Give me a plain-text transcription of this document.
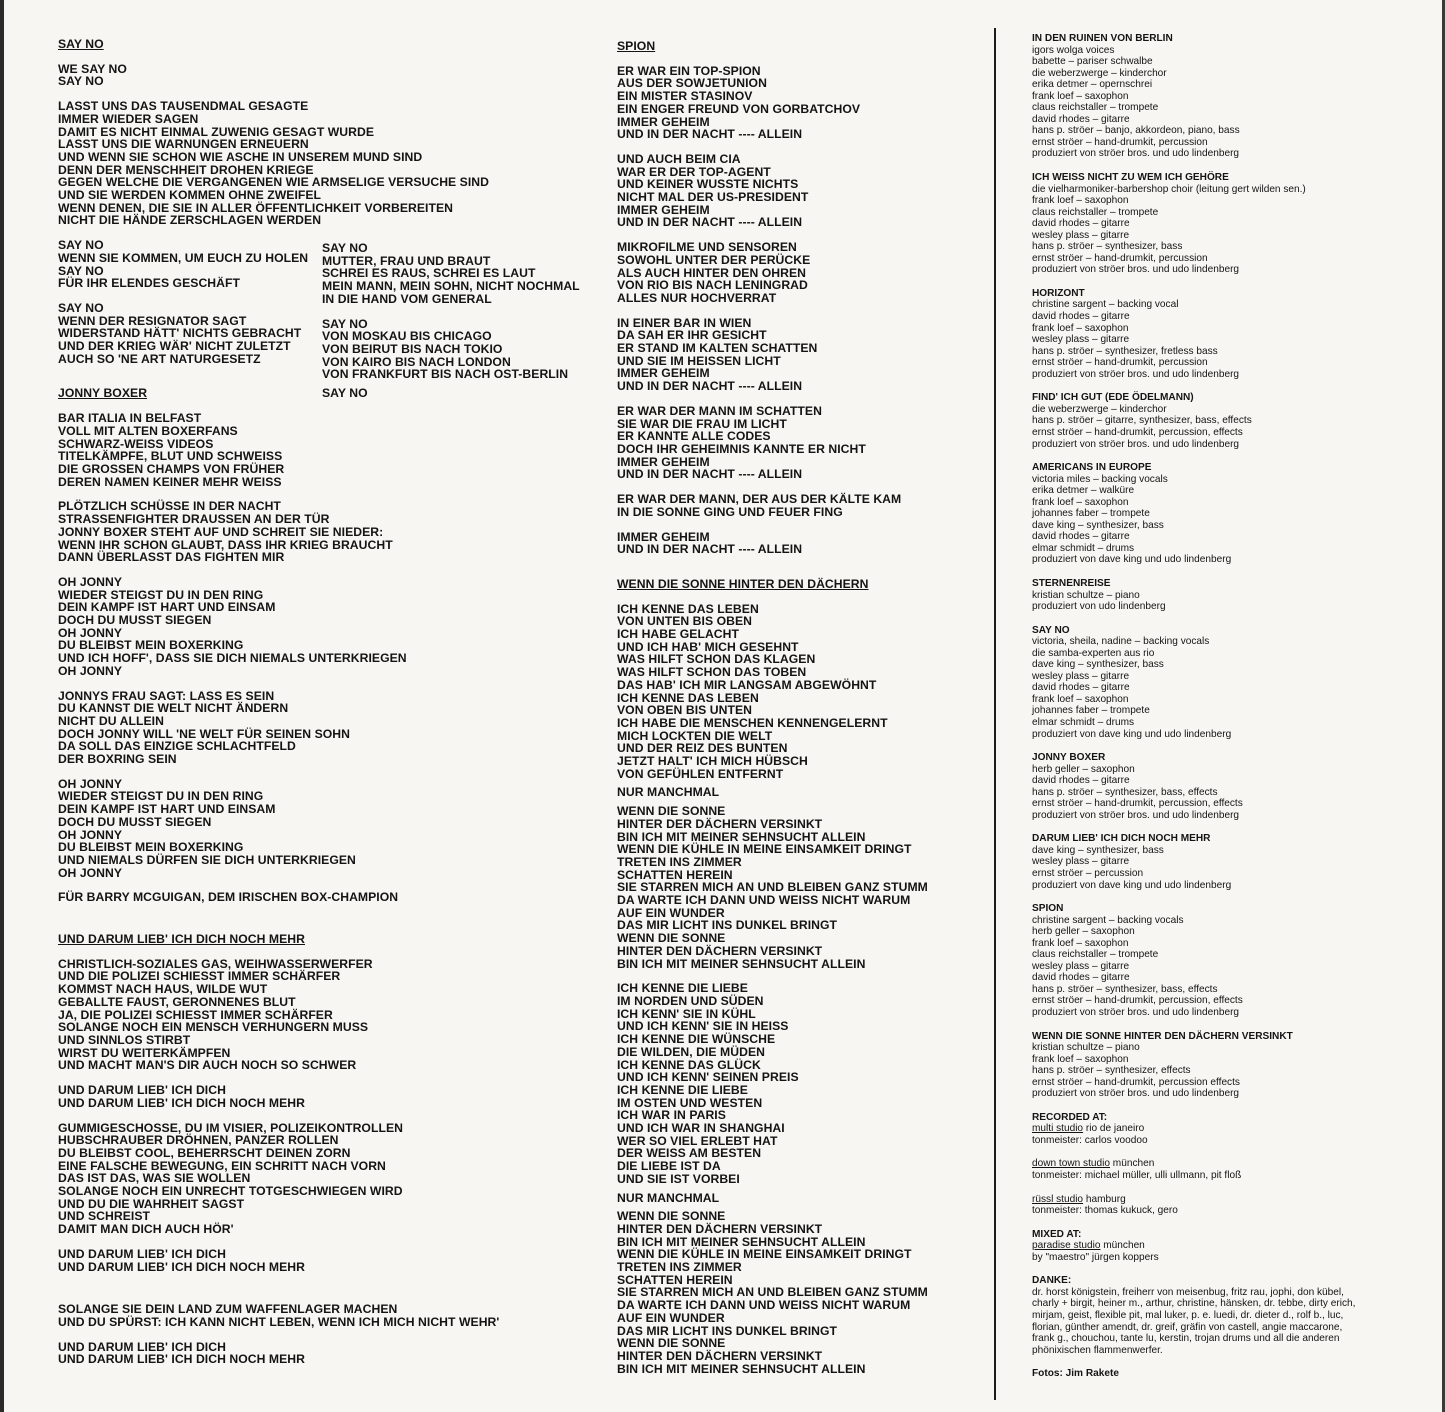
SAY NO
WE SAY NO
SAY NO
LASST UNS DAS TAUSENDMAL GESAGTE
IMMER WIEDER SAGEN
DAMIT ES NICHT EINMAL ZUWENIG GESAGT WURDE
LASST UNS DIE WARNUNGEN ERNEUERN
UND WENN SIE SCHON WIE ASCHE IN UNSEREM MUND SIND
DENN DER MENSCHHEIT DROHEN KRIEGE
GEGEN WELCHE DIE VERGANGENEN WIE ARMSELIGE VERSUCHE SIND
UND SIE WERDEN KOMMEN OHNE ZWEIFEL
WENN DENEN, DIE SIE IN ALLER ÖFFENTLICHKEIT VORBEREITEN
NICHT DIE HÄNDE ZERSCHLAGEN WERDEN
SAY NO
WENN SIE KOMMEN, UM EUCH ZU HOLEN
SAY NO
FÜR IHR ELENDES GESCHÄFT
SAY NO
WENN DER RESIGNATOR SAGT
WIDERSTAND HÄTT' NICHTS GEBRACHT
UND DER KRIEG WÄR' NICHT ZULETZT
AUCH SO 'NE ART NATURGESETZ
JONNY BOXER
BAR ITALIA IN BELFAST
VOLL MIT ALTEN BOXERFANS
SCHWARZ-WEISS VIDEOS
TITELKÄMPFE, BLUT UND SCHWEISS
DIE GROSSEN CHAMPS VON FRÜHER
DEREN NAMEN KEINER MEHR WEISS
PLÖTZLICH SCHÜSSE IN DER NACHT
STRASSENFIGHTER DRAUSSEN AN DER TÜR
JONNY BOXER STEHT AUF UND SCHREIT SIE NIEDER:
WENN IHR SCHON GLAUBT, DASS IHR KRIEG BRAUCHT
DANN ÜBERLASST DAS FIGHTEN MIR
OH JONNY
WIEDER STEIGST DU IN DEN RING
DEIN KAMPF IST HART UND EINSAM
DOCH DU MUSST SIEGEN
OH JONNY
DU BLEIBST MEIN BOXERKING
UND ICH HOFF', DASS SIE DICH NIEMALS UNTERKRIEGEN
OH JONNY
JONNYS FRAU SAGT: LASS ES SEIN
DU KANNST DIE WELT NICHT ÄNDERN
NICHT DU ALLEIN
DOCH JONNY WILL 'NE WELT FÜR SEINEN SOHN
DA SOLL DAS EINZIGE SCHLACHTFELD
DER BOXRING SEIN
OH JONNY
WIEDER STEIGST DU IN DEN RING
DEIN KAMPF IST HART UND EINSAM
DOCH DU MUSST SIEGEN
OH JONNY
DU BLEIBST MEIN BOXERKING
UND NIEMALS DÜRFEN SIE DICH UNTERKRIEGEN
OH JONNY
FÜR BARRY MCGUIGAN, DEM IRISCHEN BOX-CHAMPION
UND DARUM LIEB' ICH DICH NOCH MEHR
CHRISTLICH-SOZIALES GAS, WEIHWASSERWERFER
UND DIE POLIZEI SCHIESST IMMER SCHÄRFER
KOMMST NACH HAUS, WILDE WUT
GEBALLTE FAUST, GERONNENES BLUT
JA, DIE POLIZEI SCHIESST IMMER SCHÄRFER
SOLANGE NOCH EIN MENSCH VERHUNGERN MUSS
UND SINNLOS STIRBT
WIRST DU WEITERKÄMPFEN
UND MACHT MAN'S DIR AUCH NOCH SO SCHWER
UND DARUM LIEB' ICH DICH
UND DARUM LIEB' ICH DICH NOCH MEHR
GUMMIGESCHOSSE, DU IM VISIER, POLIZEIKONTROLLEN
HUBSCHRAUBER DRÖHNEN, PANZER ROLLEN
DU BLEIBST COOL, BEHERRSCHT DEINEN ZORN
EINE FALSCHE BEWEGUNG, EIN SCHRITT NACH VORN
DAS IST DAS, WAS SIE WOLLEN
SOLANGE NOCH EIN UNRECHT TOTGESCHWIEGEN WIRD
UND DU DIE WAHRHEIT SAGST
UND SCHREIST
DAMIT MAN DICH AUCH HÖR'
UND DARUM LIEB' ICH DICH
UND DARUM LIEB' ICH DICH NOCH MEHR
SOLANGE SIE DEIN LAND ZUM WAFFENLAGER MACHEN
UND DU SPÜRST: ICH KANN NICHT LEBEN, WENN ICH MICH NICHT WEHR'
UND DARUM LIEB' ICH DICH
UND DARUM LIEB' ICH DICH NOCH MEHR
SAY NO
MUTTER, FRAU UND BRAUT
SCHREI ES RAUS, SCHREI ES LAUT
MEIN MANN, MEIN SOHN, NICHT NOCHMAL
IN DIE HAND VOM GENERAL
SAY NO
VON MOSKAU BIS CHICAGO
VON BEIRUT BIS NACH TOKIO
VON KAIRO BIS NACH LONDON
VON FRANKFURT BIS NACH OST-BERLIN
SAY NO
SPION
ER WAR EIN TOP-SPION
AUS DER SOWJETUNION
EIN MISTER STASINOV
EIN ENGER FREUND VON GORBATCHOV
IMMER GEHEIM
UND IN DER NACHT ---- ALLEIN
UND AUCH BEIM CIA
WAR ER DER TOP-AGENT
UND KEINER WUSSTE NICHTS
NICHT MAL DER US-PRESIDENT
IMMER GEHEIM
UND IN DER NACHT ---- ALLEIN
MIKROFILME UND SENSOREN
SOWOHL UNTER DER PERÜCKE
ALS AUCH HINTER DEN OHREN
VON RIO BIS NACH LENINGRAD
ALLES NUR HOCHVERRAT
IN EINER BAR IN WIEN
DA SAH ER IHR GESICHT
ER STAND IM KALTEN SCHATTEN
UND SIE IM HEISSEN LICHT
IMMER GEHEIM
UND IN DER NACHT ---- ALLEIN
ER WAR DER MANN IM SCHATTEN
SIE WAR DIE FRAU IM LICHT
ER KANNTE ALLE CODES
DOCH IHR GEHEIMNIS KANNTE ER NICHT
IMMER GEHEIM
UND IN DER NACHT ---- ALLEIN
ER WAR DER MANN, DER AUS DER KÄLTE KAM
IN DIE SONNE GING UND FEUER FING
IMMER GEHEIM
UND IN DER NACHT ---- ALLEIN
WENN DIE SONNE HINTER DEN DÄCHERN
ICH KENNE DAS LEBEN
VON UNTEN BIS OBEN
ICH HABE GELACHT
UND ICH HAB' MICH GESEHNT
WAS HILFT SCHON DAS KLAGEN
WAS HILFT SCHON DAS TOBEN
DAS HAB' ICH MIR LANGSAM ABGEWÖHNT
ICH KENNE DAS LEBEN
VON OBEN BIS UNTEN
ICH HABE DIE MENSCHEN KENNENGELERNT
MICH LOCKTEN DIE WELT
UND DER REIZ DES BUNTEN
JETZT HALT' ICH MICH HÜBSCH
VON GEFÜHLEN ENTFERNT
NUR MANCHMAL
WENN DIE SONNE
HINTER DER DÄCHERN VERSINKT
BIN ICH MIT MEINER SEHNSUCHT ALLEIN
WENN DIE KÜHLE IN MEINE EINSAMKEIT DRINGT
TRETEN INS ZIMMER
SCHATTEN HEREIN
SIE STARREN MICH AN UND BLEIBEN GANZ STUMM
DA WARTE ICH DANN UND WEISS NICHT WARUM
AUF EIN WUNDER
DAS MIR LICHT INS DUNKEL BRINGT
WENN DIE SONNE
HINTER DEN DÄCHERN VERSINKT
BIN ICH MIT MEINER SEHNSUCHT ALLEIN
ICH KENNE DIE LIEBE
IM NORDEN UND SÜDEN
ICH KENN' SIE IN KÜHL
UND ICH KENN' SIE IN HEISS
ICH KENNE DIE WÜNSCHE
DIE WILDEN, DIE MÜDEN
ICH KENNE DAS GLÜCK
UND ICH KENN' SEINEN PREIS
ICH KENNE DIE LIEBE
IM OSTEN UND WESTEN
ICH WAR IN PARIS
UND ICH WAR IN SHANGHAI
WER SO VIEL ERLEBT HAT
DER WEISS AM BESTEN
DIE LIEBE IST DA
UND SIE IST VORBEI
NUR MANCHMAL
WENN DIE SONNE
HINTER DEN DÄCHERN VERSINKT
BIN ICH MIT MEINER SEHNSUCHT ALLEIN
WENN DIE KÜHLE IN MEINE EINSAMKEIT DRINGT
TRETEN INS ZIMMER
SCHATTEN HEREIN
SIE STARREN MICH AN UND BLEIBEN GANZ STUMM
DA WARTE ICH DANN UND WEISS NICHT WARUM
AUF EIN WUNDER
DAS MIR LICHT INS DUNKEL BRINGT
WENN DIE SONNE
HINTER DEN DÄCHERN VERSINKT
BIN ICH MIT MEINER SEHNSUCHT ALLEIN
IN DEN RUINEN VON BERLIN
igors wolga voices
babette – pariser schwalbe
die weberzwerge – kinderchor
erika detmer – opernschrei
frank loef – saxophon
claus reichstaller – trompete
david rhodes – gitarre
hans p. ströer – banjo, akkordeon, piano, bass
ernst ströer – hand-drumkit, percussion
produziert von ströer bros. und udo lindenberg
ICH WEISS NICHT ZU WEM ICH GEHÖRE
die vielharmoniker-barbershop choir (leitung gert wilden sen.)
frank loef – saxophon
claus reichstaller – trompete
david rhodes – gitarre
wesley plass – gitarre
hans p. ströer – synthesizer, bass
ernst ströer – hand-drumkit, percussion
produziert von ströer bros. und udo lindenberg
HORIZONT
christine sargent – backing vocal
david rhodes – gitarre
frank loef – saxophon
wesley plass – gitarre
hans p. ströer – synthesizer, fretless bass
ernst ströer – hand-drumkit, percussion
produziert von ströer bros. und udo lindenberg
FIND' ICH GUT (EDE ÖDELMANN)
die weberzwerge – kinderchor
hans p. ströer – gitarre, synthesizer, bass, effects
ernst ströer – hand-drumkit, percussion, effects
produziert von ströer bros. und udo lindenberg
AMERICANS IN EUROPE
victoria miles – backing vocals
erika detmer – walküre
frank loef – saxophon
johannes faber – trompete
dave king – synthesizer, bass
david rhodes – gitarre
elmar schmidt – drums
produziert von dave king und udo lindenberg
STERNENREISE
kristian schultze – piano
produziert von udo lindenberg
SAY NO
victoria, sheila, nadine – backing vocals
die samba-experten aus rio
dave king – synthesizer, bass
wesley plass – gitarre
david rhodes – gitarre
frank loef – saxophon
johannes faber – trompete
elmar schmidt – drums
produziert von dave king und udo lindenberg
JONNY BOXER
herb geller – saxophon
david rhodes – gitarre
hans p. ströer – synthesizer, bass, effects
ernst ströer – hand-drumkit, percussion, effects
produziert von ströer bros. und udo lindenberg
DARUM LIEB' ICH DICH NOCH MEHR
dave king – synthesizer, bass
wesley plass – gitarre
ernst ströer – percussion
produziert von dave king und udo lindenberg
SPION
christine sargent – backing vocals
herb geller – saxophon
frank loef – saxophon
claus reichstaller – trompete
wesley plass – gitarre
david rhodes – gitarre
hans p. ströer – synthesizer, bass, effects
ernst ströer – hand-drumkit, percussion, effects
produziert von ströer bros. und udo lindenberg
WENN DIE SONNE HINTER DEN DÄCHERN VERSINKT
kristian schultze – piano
frank loef – saxophon
hans p. ströer – synthesizer, effects
ernst ströer – hand-drumkit, percussion effects
produziert von ströer bros. und udo lindenberg
RECORDED AT:
multi studio rio de janeiro
tonmeister: carlos voodoo
down town studio münchen
tonmeister: michael müller, ulli ullmann, pit floß
rüssl studio hamburg
tonmeister: thomas kukuck, gero
MIXED AT:
paradise studio münchen
by "maestro" jürgen koppers
DANKE:
dr. horst königstein, freiherr von meisenbug, fritz rau, jophi, don kübel,
charly + birgit, heiner m., arthur, christine, hänsken, dr. tebbe, dirty erich,
mirjam, geist, flexible pit, mal luker, p. e. luedi, dr. dieter d., rolf b., luc,
florian, günther amendt, dr. greif, gräfin von castell, angie maccarone,
frank g., chouchou, tante lu, kerstin, trojan drums und all die anderen
phönixischen flammenwerfer.
Fotos: Jim Rakete
